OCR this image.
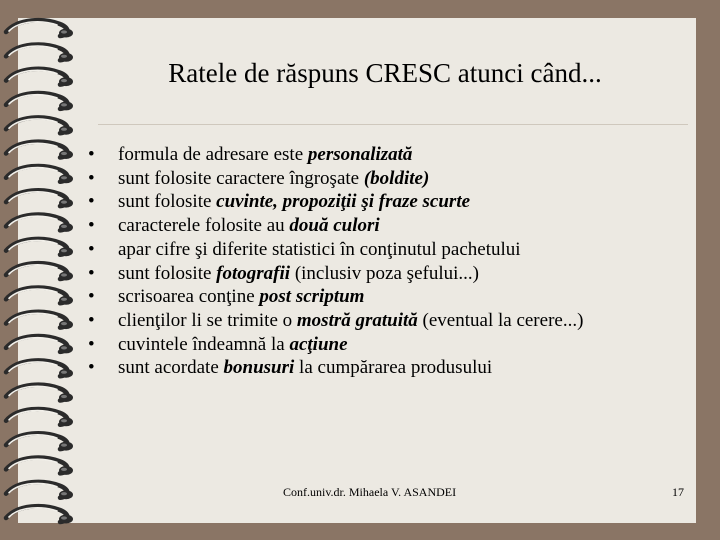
Ratele de răspuns CRESC atunci când...
• formula de adresare este personalizată
• sunt folosite caractere îngroşate (boldite)
• sunt folosite cuvinte, propoziţii şi fraze scurte
• caracterele folosite au două culori
• apar cifre şi diferite statistici în conţinutul pachetului
• sunt folosite fotografii (inclusiv poza şefului...)
• scrisoarea conţine post scriptum
• clienţilor li se trimite o mostră gratuită (eventual la cerere...)
• cuvintele îndeamnă la acţiune
• sunt acordate bonusuri la cumpărarea produsului
Conf.univ.dr. Mihaela V. ASANDEI	17
